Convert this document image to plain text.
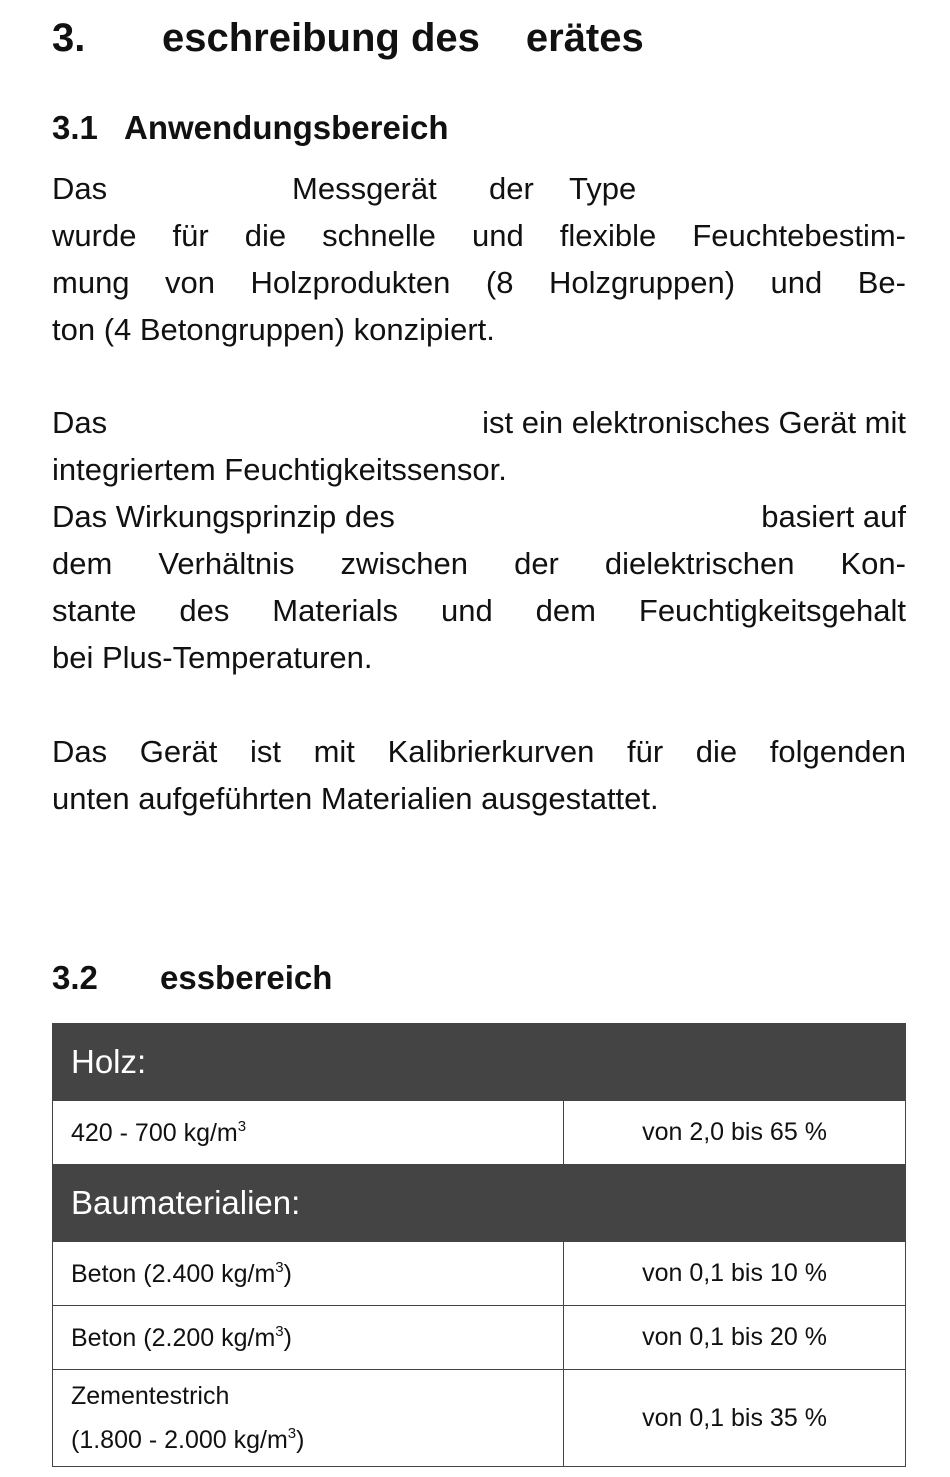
3. eschreibung des erätes
3.1 Anwendungsbereich
Das	Messgerät der Type
wurde für die schnelle und flexible Feuchtebestim-
mung von Holzprodukten (8 Holzgruppen) und Be-
ton (4 Betongruppen) konzipiert.
Das	ist ein elektronisches Gerät mit
integriertem Feuchtigkeitssensor.
Das Wirkungsprinzip des	basiert auf
dem Verhältnis zwischen der dielektrischen Kon-
stante des Materials und dem Feuchtigkeitsgehalt
bei Plus-Temperaturen.
Das Gerät ist mit Kalibrierkurven für die folgenden
unten aufgeführten Materialien ausgestattet.
3.2 essbereich
Holz:	
420 - 700 $kg/m^3$	von 2,0 bis 65 %
Baumaterialien:	
Beton (2.400 $kg/m^3$)	von 0,1 bis 10 %
Beton (2.200 $kg/m^3$)	von 0,1 bis 20 %
Zementestrich
(1.800 - 2.000 $kg/m^3$)	von 0,1 bis 35 %
